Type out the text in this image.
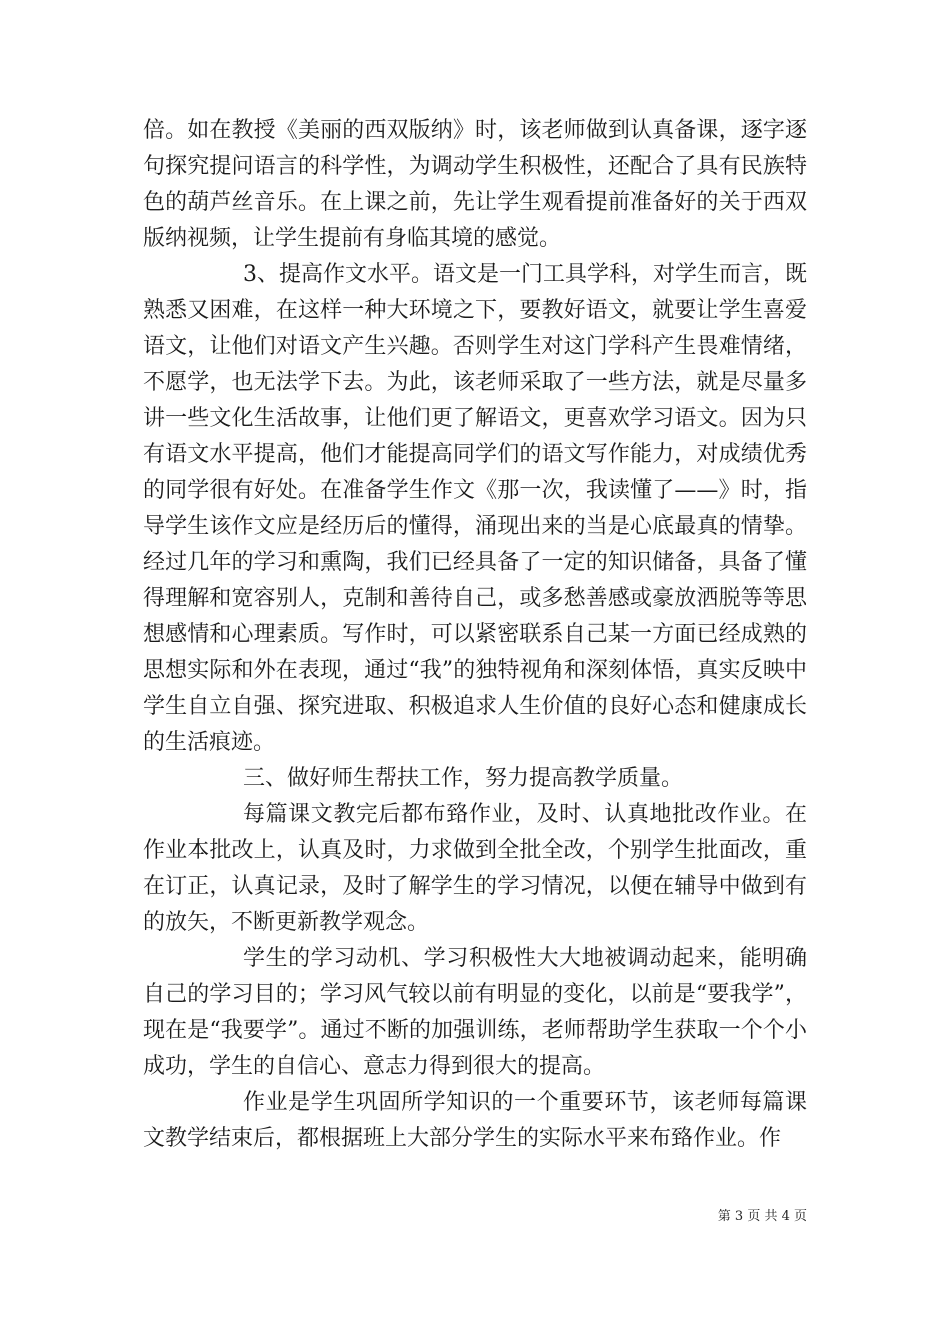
倍。如在教授《美丽的西双版纳》时，该老师做到认真备课，逐字逐句探究提问语言的科学性，为调动学生积极性，还配合了具有民族特色的葫芦丝音乐。在上课之前，先让学生观看提前准备好的关于西双版纳视频，让学生提前有身临其境的感觉。

3、提高作文水平。语文是一门工具学科，对学生而言，既熟悉又困难，在这样一种大环境之下，要教好语文，就要让学生喜爱语文，让他们对语文产生兴趣。否则学生对这门学科产生畏难情绪，不愿学，也无法学下去。为此，该老师采取了一些方法，就是尽量多讲一些文化生活故事，让他们更了解语文，更喜欢学习语文。因为只有语文水平提高，他们才能提高同学们的语文写作能力，对成绩优秀的同学很有好处。在准备学生作文《那一次，我读懂了——》时，指导学生该作文应是经历后的懂得，涌现出来的当是心底最真的情挚。经过几年的学习和熏陶，我们已经具备了一定的知识储备，具备了懂得理解和宽容别人，克制和善待自己，或多愁善感或豪放洒脱等等思想感情和心理素质。写作时，可以紧密联系自己某一方面已经成熟的思想实际和外在表现，通过“我”的独特视角和深刻体悟，真实反映中学生自立自强、探究进取、积极追求人生价值的良好心态和健康成长的生活痕迹。

三、做好师生帮扶工作，努力提高教学质量。

每篇课文教完后都布臵作业，及时、认真地批改作业。在作业本批改上，认真及时，力求做到全批全改，个别学生批面改，重在订正，认真记录，及时了解学生的学习情况，以便在辅导中做到有的放矢，不断更新教学观念。

学生的学习动机、学习积极性大大地被调动起来，能明确自己的学习目的；学习风气较以前有明显的变化，以前是“要我学”，现在是“我要学”。通过不断的加强训练，老师帮助学生获取一个个小成功，学生的自信心、意志力得到很大的提高。

作业是学生巩固所学知识的一个重要环节，该老师每篇课文教学结束后，都根据班上大部分学生的实际水平来布臵作业。作

第 3 页 共 4 页
